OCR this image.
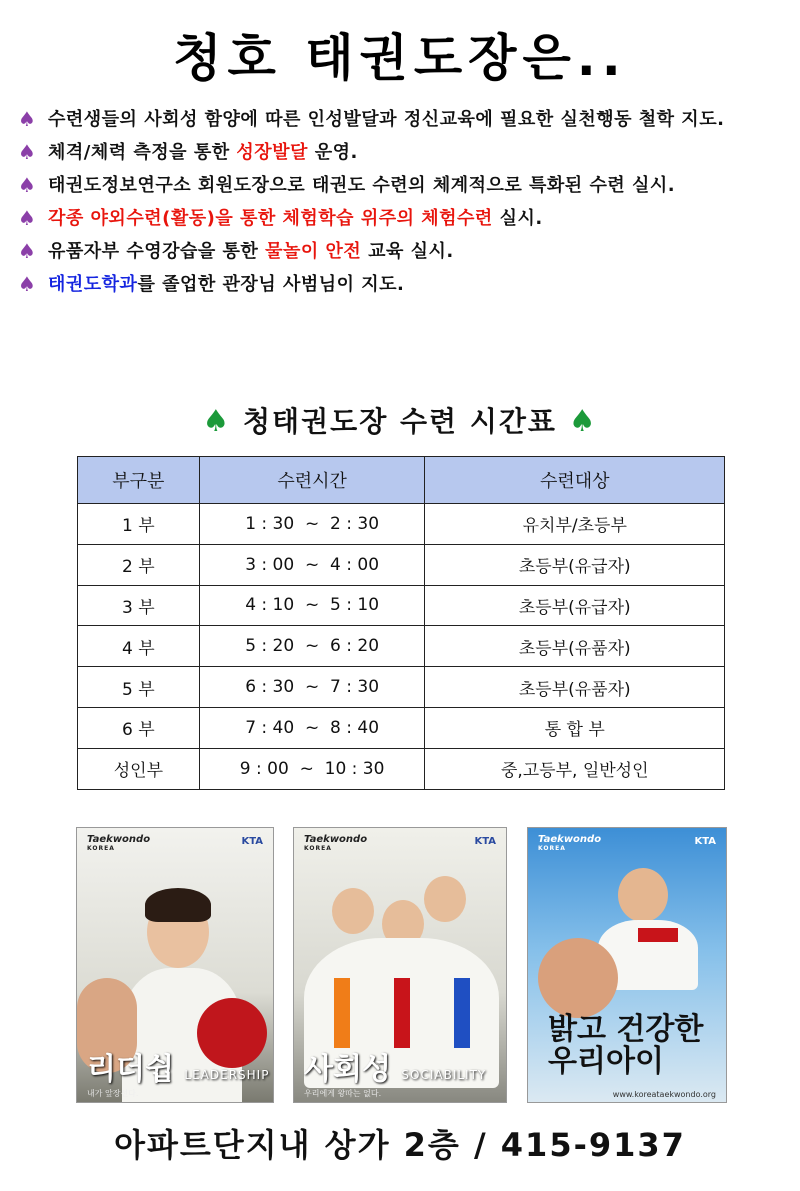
청호 태권도장은..
♠ 수련생들의 사회성 함양에 따른 인성발달과 정신교육에 필요한 실천행동 철학 지도.
♠ 체격/체력 측정을 통한 성장발달 운영.
♠ 태권도정보연구소 회원도장으로 태권도 수련의 체계적으로 특화된 수련 실시.
♠ 각종 야외수련(활동)을 통한 체험학습 위주의 체험수련 실시.
♠ 유품자부 수영강습을 통한 물놀이 안전 교육 실시.
♠ 태권도학과를 졸업한 관장님 사범님이 지도.
♠ 청태권도장 수련 시간표 ♠
부구분	수련시간	수련대상
1 부	1 : 30  ~  2 : 30	유치부/초등부
2 부	3 : 00  ~  4 : 00	초등부(유급자)
3 부	4 : 10  ~  5 : 10	초등부(유급자)
4 부	5 : 20  ~  6 : 20	초등부(유품자)
5 부	6 : 30  ~  7 : 30	초등부(유품자)
6 부	7 : 40  ~  8 : 40	통 합 부
성인부	9 : 00  ~  10 : 30	중,고등부, 일반성인
Taekwondo
KOREA
KTA
리더쉽 LEADERSHIP
내가 앞장선다.
Taekwondo
KOREA
KTA
사회성 SOCIABILITY
우리에게 왕따는 없다.
Taekwondo
KOREA
KTA
밝고 건강한 우리아이
www.koreataekwondo.org
아파트단지내 상가 2층 / 415-9137
